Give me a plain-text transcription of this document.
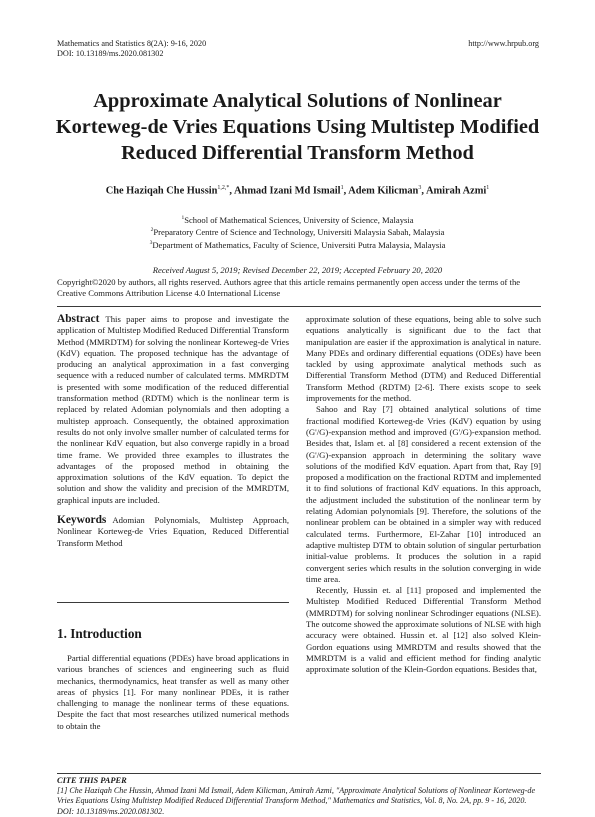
Mathematics and Statistics 8(2A): 9-16, 2020	http://www.hrpub.org
DOI: 10.13189/ms.2020.081302
Approximate Analytical Solutions of Nonlinear
Korteweg-de Vries Equations Using Multistep Modified
Reduced Differential Transform Method
Che Haziqah Che Hussin$^{1,2,*}$, Ahmad Izani Md Ismail$^1$, Adem Kilicman$^3$, Amirah Azmi$^1$
$^1$School of Mathematical Sciences, University of Science, Malaysia
$^2$Preparatory Centre of Science and Technology, Universiti Malaysia Sabah, Malaysia
$^3$Department of Mathematics, Faculty of Science, Universiti Putra Malaysia, Malaysia
Received August 5, 2019; Revised December 22, 2019; Accepted February 20, 2020
Copyright©2020 by authors, all rights reserved. Authors agree that this article remains permanently open access under the terms of the Creative Commons Attribution License 4.0 International License

Abstract This paper aims to propose and investigate the application of Multistep Modified Reduced Differential Transform Method (MMRDTM) for solving the nonlinear Korteweg-de Vries (KdV) equation. The proposed technique has the advantage of producing an analytical approximation in a fast converging sequence with a reduced number of calculated terms. MMRDTM is presented with some modification of the reduced differential transformation method (RDTM) which is the nonlinear term is replaced by related Adomian polynomials and then adopting a multistep approach. Consequently, the obtained approximation results do not only involve smaller number of calculated terms for the nonlinear KdV equation, but also converge rapidly in a broad time frame. We provided three examples to illustrates the advantages of the proposed method in obtaining the approximation solutions of the KdV equation. To depict the solution and show the validity and precision of the MMRDTM, graphical inputs are included.

Keywords Adomian Polynomials, Multistep Approach, Nonlinear Korteweg-de Vries Equation, Reduced Differential Transform Method

1. Introduction

Partial differential equations (PDEs) have broad applications in various branches of sciences and engineering such as fluid mechanics, thermodynamics, heat transfer as well as many other areas of physics [1]. For many nonlinear PDEs, it is rather challenging to manage the nonlinear terms of these equations. Despite the fact that most researches utilized numerical methods to obtain the

approximate solution of these equations, being able to solve such equations analytically is significant due to the fact that manipulation are easier if the approximation is analytical in nature. Many PDEs and ordinary differential equations (ODEs) have been tackled by using approximate analytical methods such as Differential Transform Method (DTM) and Reduced Differential Transform Method (RDTM) [2-6]. There exists scope to seek improvements for the method.

Sahoo and Ray [7] obtained analytical solutions of time fractional modified Korteweg-de Vries (KdV) equation by using (G'/G)-expansion method and improved (G'/G)-expansion method. Besides that, Islam et. al [8] considered a recent extension of the (G'/G)-expansion approach in determining the solitary wave solutions of the modified KdV equation. Apart from that, Ray [9] proposed a modification on the fractional RDTM and implemented it to find solutions of fractional KdV equations. In this approach, the adjustment included the substitution of the nonlinear term by relating Adomian polynomials [9]. Therefore, the solutions of the nonlinear problem can be obtained in a simpler way with reduced calculated terms. Furthermore, El-Zahar [10] introduced an adaptive multistep DTM to obtain solution of singular perturbation initial-value problems. It produces the solution in a rapid convergent series which results in the solution converging in wide time area.

Recently, Hussin et. al [11] proposed and implemented the Multistep Modified Reduced Differential Transform Method (MMRDTM) for solving nonlinear Schrodinger equations (NLSE). The outcome showed the approximate solutions of NLSE with high accuracy were obtained. Hussin et. al [12] also solved Klein-Gordon equations using MMRDTM and results showed that the MMRDTM is a valid and efficient method for finding analytic approximate solution of the Klein-Gordon equations. Besides that,

CITE THIS PAPER
[1] Che Haziqah Che Hussin, Ahmad Izani Md Ismail, Adem Kilicman, Amirah Azmi, "Approximate Analytical Solutions of Nonlinear Korteweg-de Vries Equations Using Multistep Modified Reduced Differential Transform Method," Mathematics and Statistics, Vol. 8, No. 2A, pp. 9 - 16, 2020. DOI: 10.13189/ms.2020.081302.
